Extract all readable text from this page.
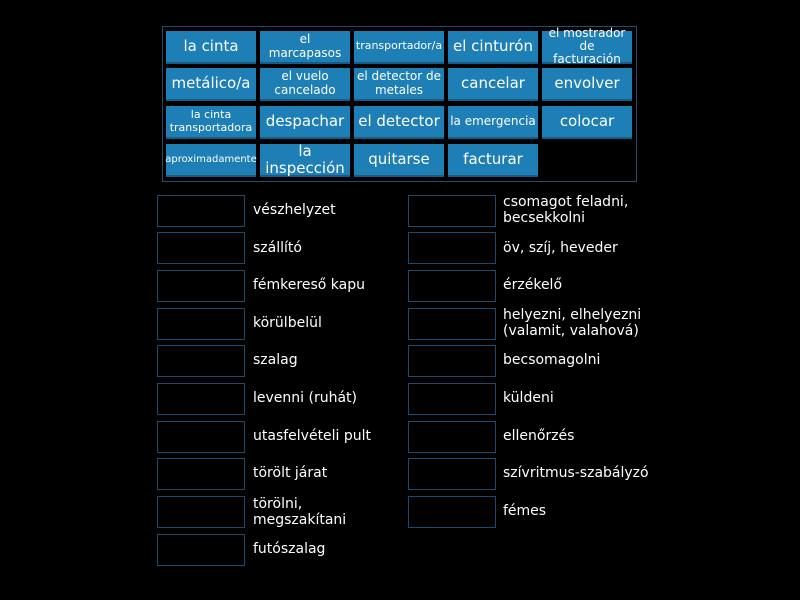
la cinta	el marcapasos	transportador/a el cinturón
el mostrador de facturación
metálico/a	el vuelo cancelado
el detector de metales	cancelar	envolver
la cinta transportadora despachar el detector la emergencia	colocar
aproximadamente	la inspección	quitarse	facturar
vészhelyzet
szállító
fémkereső kapu
körülbelül
szalag
levenni (ruhát)
utasfelvételi pult
törölt járat
törölni, megszakítani
futószalag
csomagot feladni, becsekkolni
öv, szíj, heveder
érzékelő
helyezni, elhelyezni (valamit, valahová)
becsomagolni
küldeni
ellenőrzés
szívritmus-szabályzó
fémes
